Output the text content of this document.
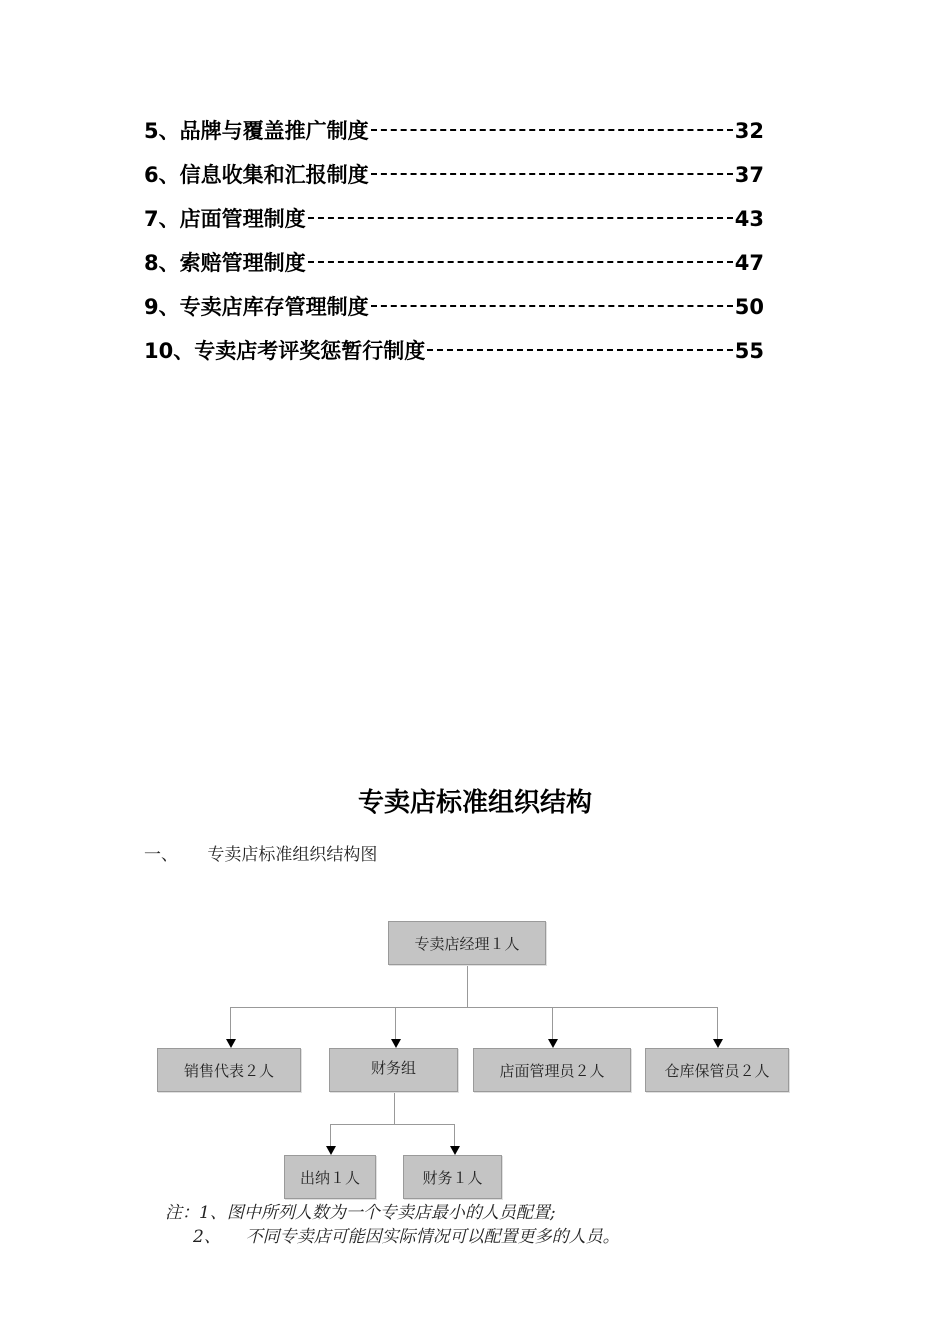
5、品牌与覆盖推广制度	32
6、信息收集和汇报制度	37
7、店面管理制度	43
8、索赔管理制度	47
9、专卖店库存管理制度	50
10、专卖店考评奖惩暂行制度	55
专卖店标准组织结构
一、 专卖店标准组织结构图
专卖店经理１人
销售代表２人	财务组	店面管理员２人	仓库保管员２人
出纳１人	财务１人
注：1、图中所列人数为一个专卖店最小的人员配置;
2、 不同专卖店可能因实际情况可以配置更多的人员。
